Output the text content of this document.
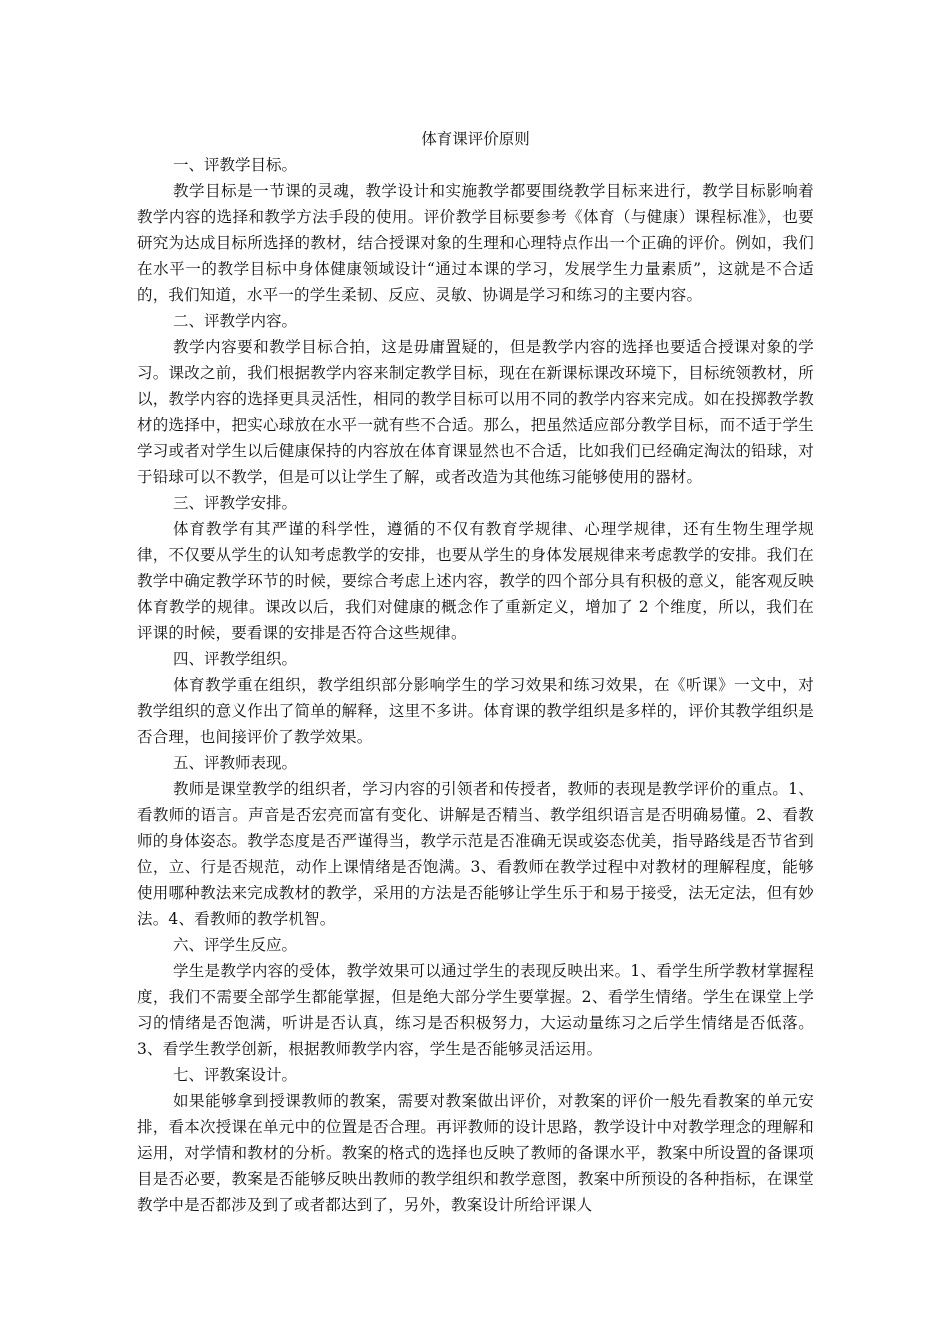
体育课评价原则

一、评教学目标。

教学目标是一节课的灵魂，教学设计和实施教学都要围绕教学目标来进行，教学目标影响着教学内容的选择和教学方法手段的使用。评价教学目标要参考《体育（与健康）课程标准》，也要研究为达成目标所选择的教材，结合授课对象的生理和心理特点作出一个正确的评价。例如，我们在水平一的教学目标中身体健康领域设计“通过本课的学习，发展学生力量素质”，这就是不合适的，我们知道，水平一的学生柔韧、反应、灵敏、协调是学习和练习的主要内容。

二、评教学内容。

教学内容要和教学目标合拍，这是毋庸置疑的，但是教学内容的选择也要适合授课对象的学习。课改之前，我们根据教学内容来制定教学目标，现在在新课标课改环境下，目标统领教材，所以，教学内容的选择更具灵活性，相同的教学目标可以用不同的教学内容来完成。如在投掷教学教材的选择中，把实心球放在水平一就有些不合适。那么，把虽然适应部分教学目标，而不适于学生学习或者对学生以后健康保持的内容放在体育课显然也不合适，比如我们已经确定淘汰的铅球，对于铅球可以不教学，但是可以让学生了解，或者改造为其他练习能够使用的器材。

三、评教学安排。

体育教学有其严谨的科学性，遵循的不仅有教育学规律、心理学规律，还有生物生理学规律，不仅要从学生的认知考虑教学的安排，也要从学生的身体发展规律来考虑教学的安排。我们在教学中确定教学环节的时候，要综合考虑上述内容，教学的四个部分具有积极的意义，能客观反映体育教学的规律。课改以后，我们对健康的概念作了重新定义，增加了 2 个维度，所以，我们在评课的时候，要看课的安排是否符合这些规律。

四、评教学组织。

体育教学重在组织，教学组织部分影响学生的学习效果和练习效果，在《听课》一文中，对教学组织的意义作出了简单的解释，这里不多讲。体育课的教学组织是多样的，评价其教学组织是否合理，也间接评价了教学效果。

五、评教师表现。

教师是课堂教学的组织者，学习内容的引领者和传授者，教师的表现是教学评价的重点。1、看教师的语言。声音是否宏亮而富有变化、讲解是否精当、教学组织语言是否明确易懂。2、看教师的身体姿态。教学态度是否严谨得当，教学示范是否准确无误或姿态优美，指导路线是否节省到位，立、行是否规范，动作上课情绪是否饱满。3、看教师在教学过程中对教材的理解程度，能够使用哪种教法来完成教材的教学，采用的方法是否能够让学生乐于和易于接受，法无定法，但有妙法。4、看教师的教学机智。

六、评学生反应。

学生是教学内容的受体，教学效果可以通过学生的表现反映出来。1、看学生所学教材掌握程度，我们不需要全部学生都能掌握，但是绝大部分学生要掌握。2、看学生情绪。学生在课堂上学习的情绪是否饱满，听讲是否认真，练习是否积极努力，大运动量练习之后学生情绪是否低落。3、看学生教学创新，根据教师教学内容，学生是否能够灵活运用。

七、评教案设计。

如果能够拿到授课教师的教案，需要对教案做出评价，对教案的评价一般先看教案的单元安排，看本次授课在单元中的位置是否合理。再评教师的设计思路，教学设计中对教学理念的理解和运用，对学情和教材的分析。教案的格式的选择也反映了教师的备课水平，教案中所设置的备课项目是否必要，教案是否能够反映出教师的教学组织和教学意图，教案中所预设的各种指标，在课堂教学中是否都涉及到了或者都达到了，另外，教案设计所给评课人
